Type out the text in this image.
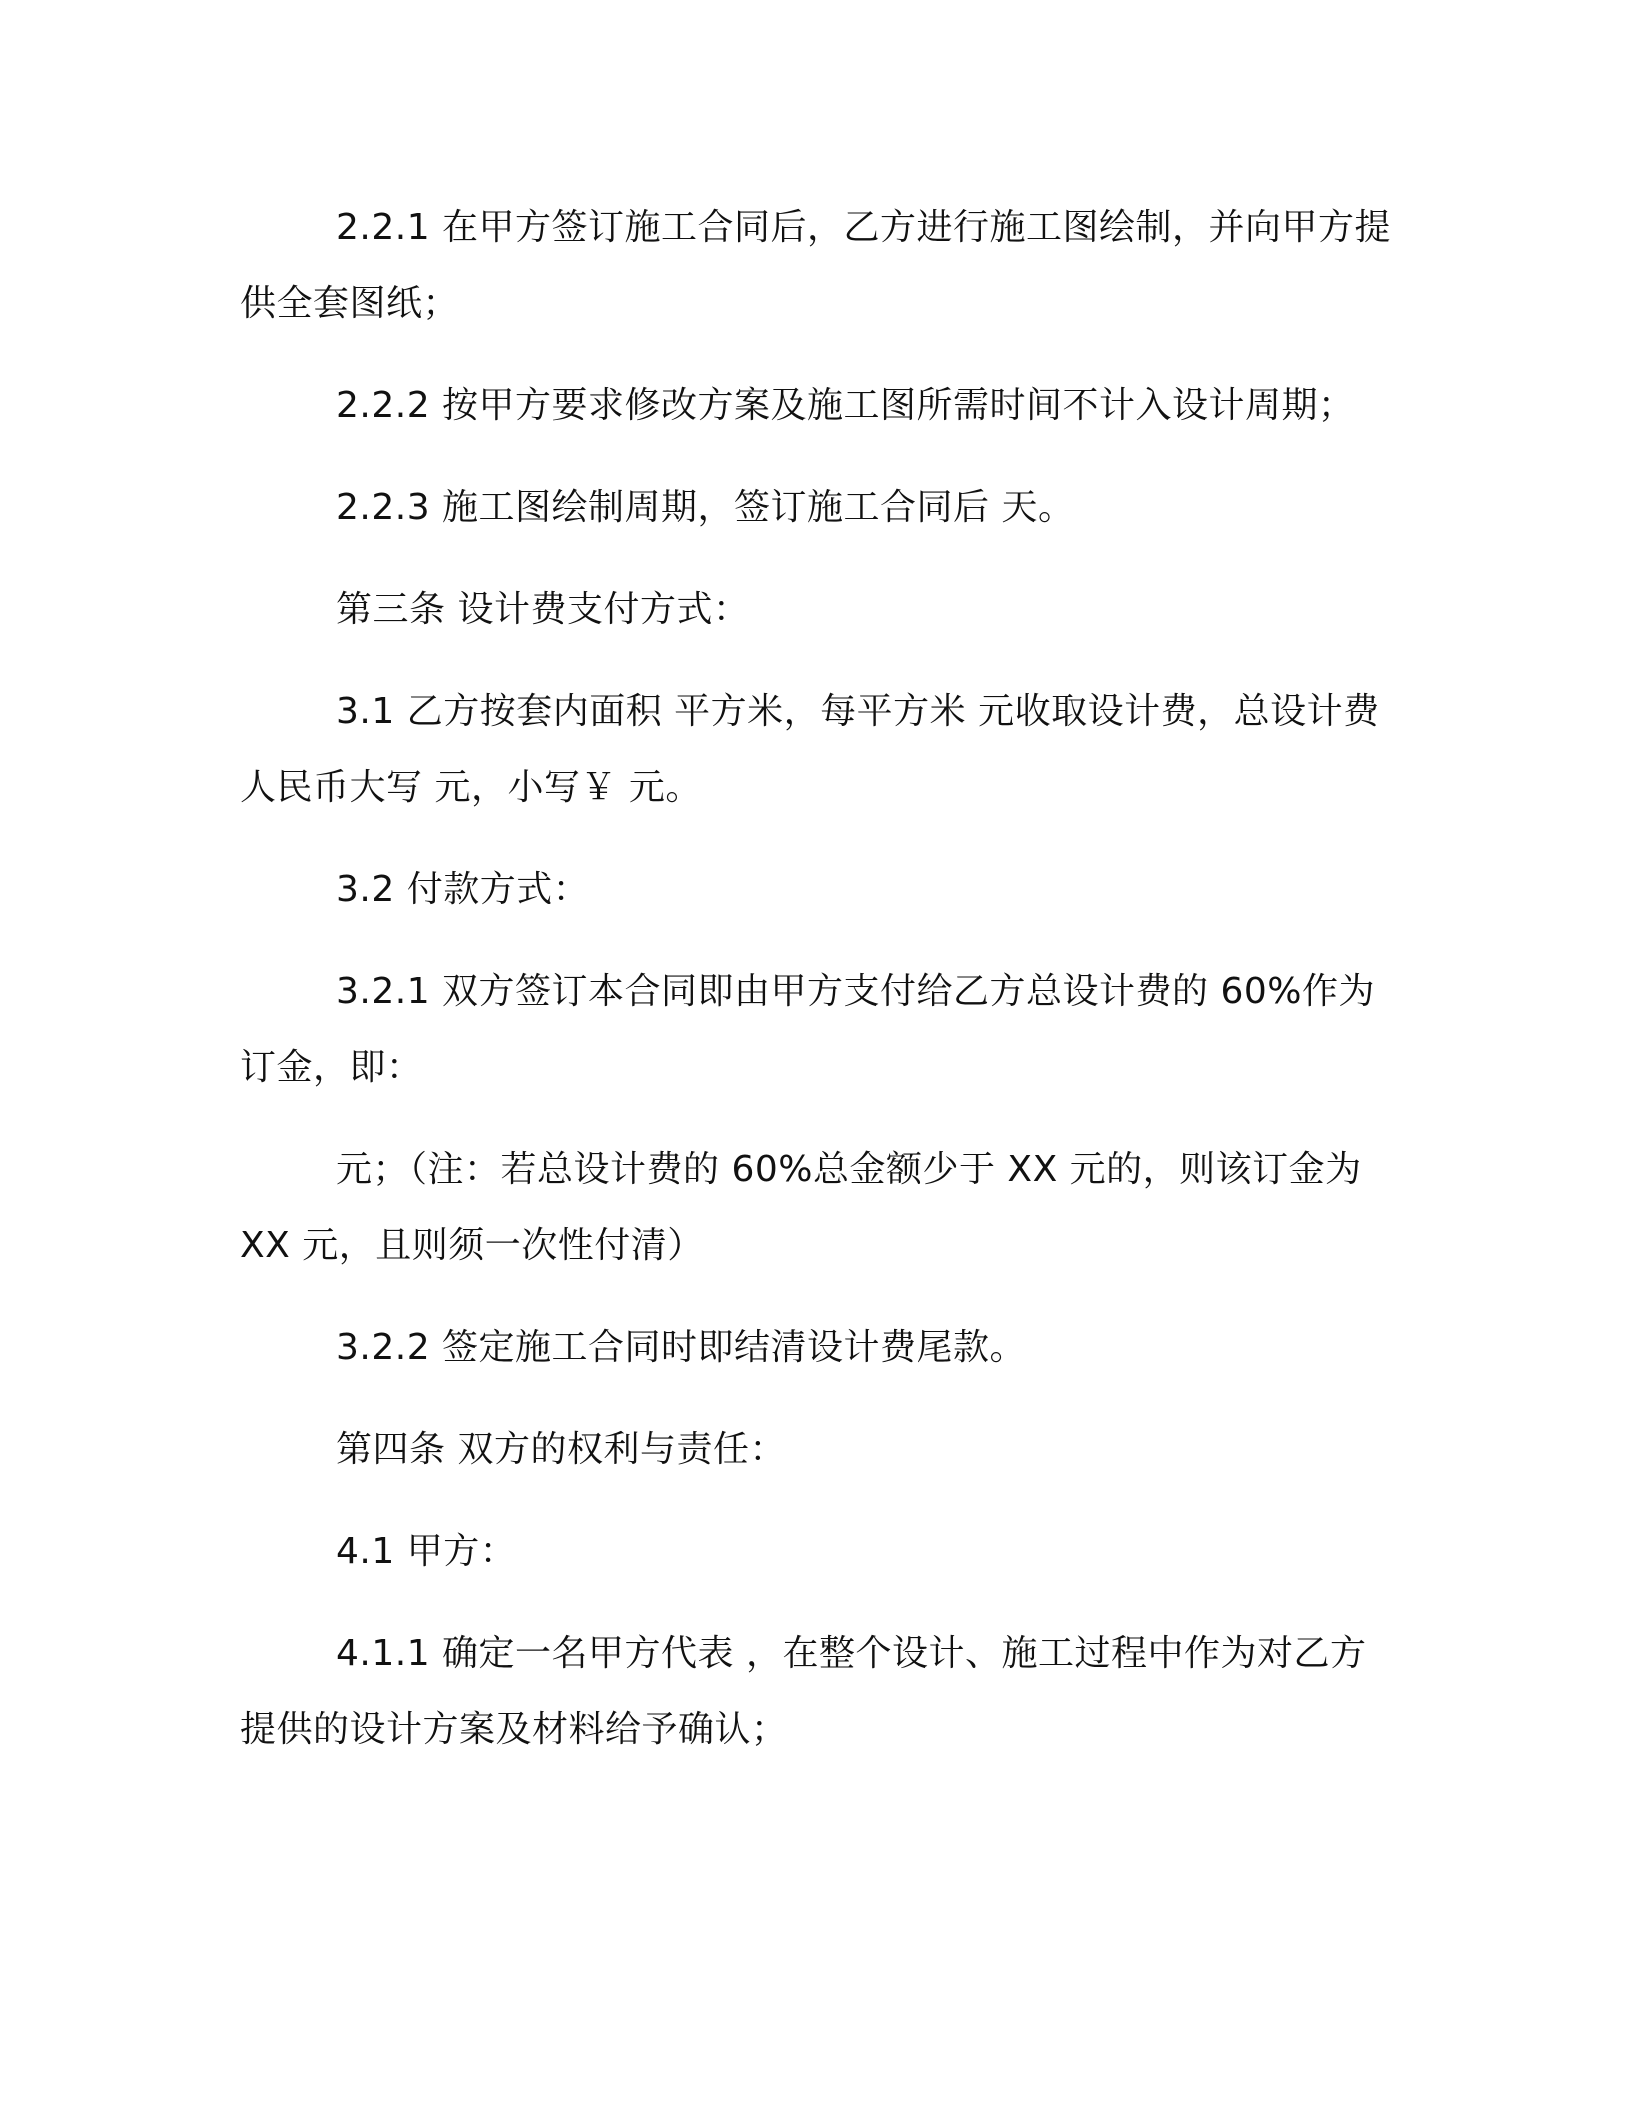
2.2.1 在甲方签订施工合同后，乙方进行施工图绘制，并向甲方提供全套图纸；

2.2.2 按甲方要求修改方案及施工图所需时间不计入设计周期；

2.2.3 施工图绘制周期，签订施工合同后 天。

第三条 设计费支付方式：

3.1 乙方按套内面积 平方米，每平方米 元收取设计费，总设计费人民币大写 元，小写￥ 元。

3.2 付款方式：

3.2.1 双方签订本合同即由甲方支付给乙方总设计费的 60%作为订金，即：

元；（注：若总设计费的 60%总金额少于 XX 元的，则该订金为 XX 元，且则须一次性付清）

3.2.2 签定施工合同时即结清设计费尾款。

第四条 双方的权利与责任：

4.1 甲方：

4.1.1 确定一名甲方代表 ，在整个设计、施工过程中作为对乙方提供的设计方案及材料给予确认；
